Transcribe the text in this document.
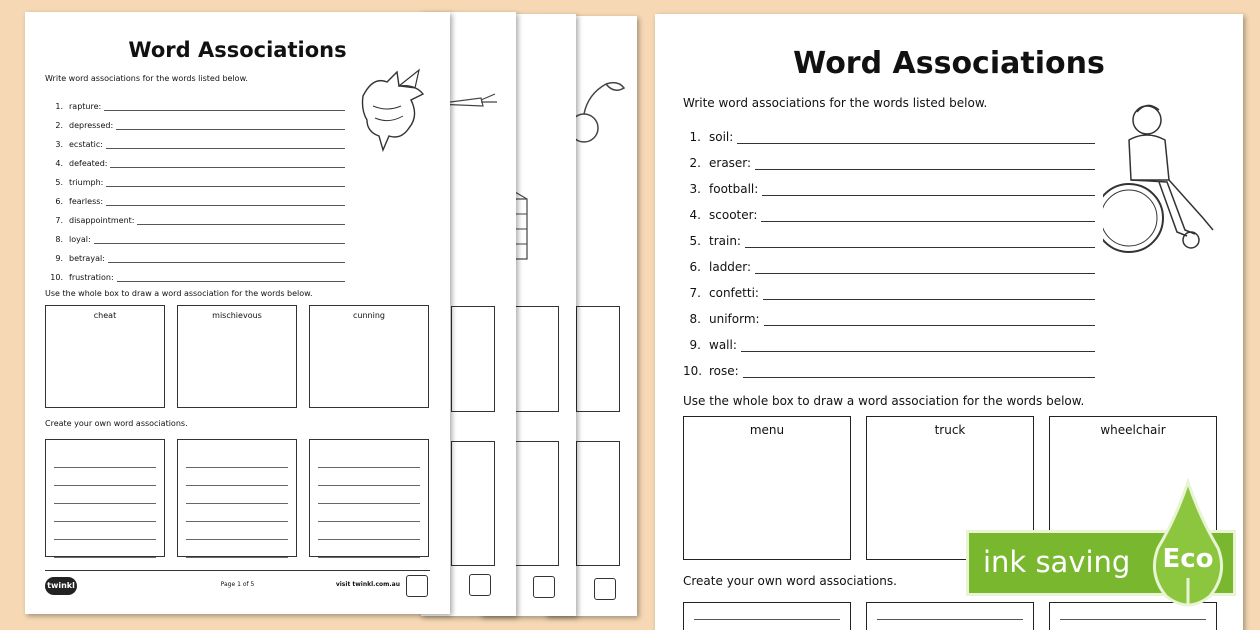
Word Associations
Write word associations for the words listed below.
1. rapture:
2. depressed:
3. ecstatic:
4. defeated:
5. triumph:
6. fearless:
7. disappointment:
8. loyal:
9. betrayal:
10. frustration:
Use the whole box to draw a word association for the words below.
cheat	mischievous	cunning
Create your own word associations.
twinkl	Page 1 of 5	visit twinkl.com.au
Word Associations
Write word associations for the words listed below.
1. soil:
2. eraser:
3. football:
4. scooter:
5. train:
6. ladder:
7. confetti:
8. uniform:
9. wall:
10. rose:
Use the whole box to draw a word association for the words below.
menu	truck	wheelchair
Create your own word associations.
ink saving Eco
